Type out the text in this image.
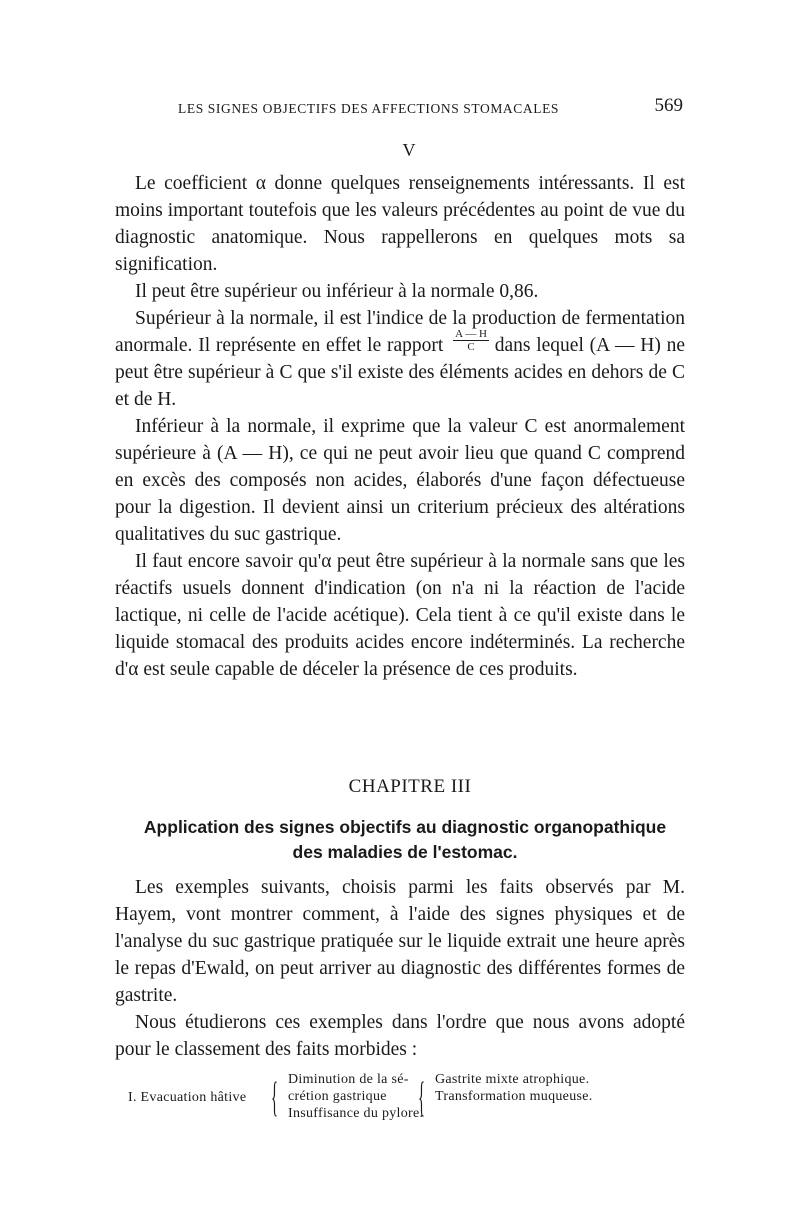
LES SIGNES OBJECTIFS DES AFFECTIONS STOMACALES	569
V

Le coefficient α donne quelques renseignements intéressants. Il est moins important toutefois que les valeurs précédentes au point de vue du diagnostic anatomique. Nous rappellerons en quelques mots sa signification.

Il peut être supérieur ou inférieur à la normale 0,86.

Supérieur à la normale, il est l'indice de la production de fermentation anormale. Il représente en effet le rapport $\frac{A — H}{C}$ dans lequel (A — H) ne peut être supérieur à C que s'il existe des éléments acides en dehors de C et de H.

Inférieur à la normale, il exprime que la valeur C est anormalement supérieure à (A — H), ce qui ne peut avoir lieu que quand C comprend en excès des composés non acides, élaborés d'une façon défectueuse pour la digestion. Il devient ainsi un criterium précieux des altérations qualitatives du suc gastrique.

Il faut encore savoir qu'α peut être supérieur à la normale sans que les réactifs usuels donnent d'indication (on n'a ni la réaction de l'acide lactique, ni celle de l'acide acétique). Cela tient à ce qu'il existe dans le liquide stomacal des produits acides encore indéterminés. La recherche d'α est seule capable de déceler la présence de ces produits.

CHAPITRE III
Application des signes objectifs au diagnostic organopathique
des maladies de l'estomac.

Les exemples suivants, choisis parmi les faits observés par M. Hayem, vont montrer comment, à l'aide des signes physiques et de l'analyse du suc gastrique pratiquée sur le liquide extrait une heure après le repas d'Ewald, on peut arriver au diagnostic des différentes formes de gastrite.

Nous étudierons ces exemples dans l'ordre que nous avons adopté pour le classement des faits morbides :

I. Evacuation hâtive { Diminution de la sé-
crétion gastrique
Insuffisance du pylore.
{ Gastrite mixte atrophique.
Transformation muqueuse.
